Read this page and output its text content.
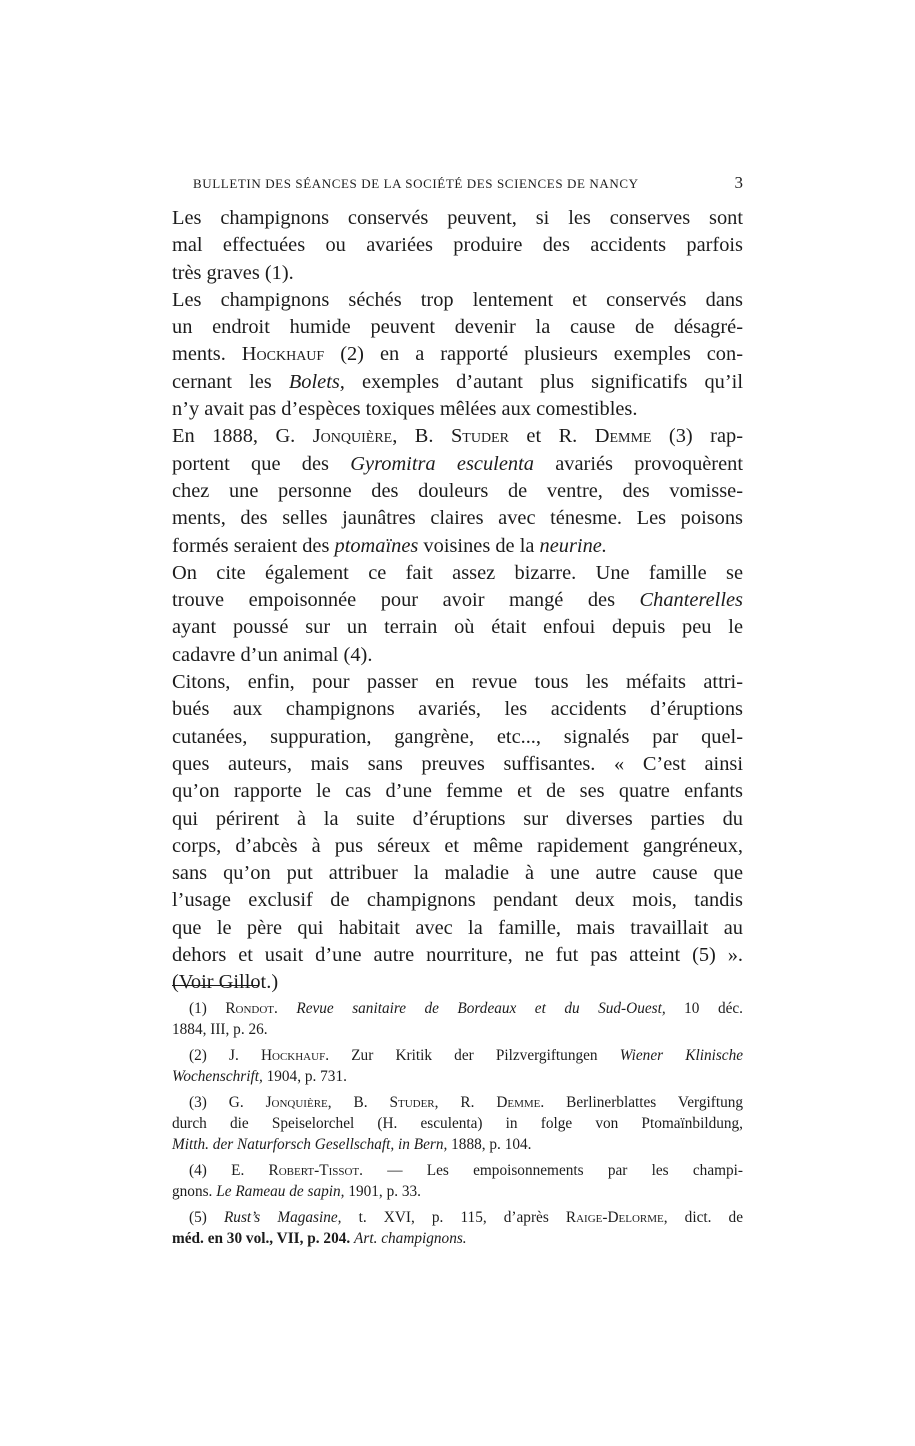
BULLETIN DES SÉANCES DE LA SOCIÉTÉ DES SCIENCES DE NANCY	3

Les champignons conservés peuvent, si les conserves sont
mal effectuées ou avariées produire des accidents parfois
très graves (1).

Les champignons séchés trop lentement et conservés dans
un endroit humide peuvent devenir la cause de désagré-
ments. Hockhauf (2) en a rapporté plusieurs exemples con-
cernant les Bolets, exemples d’autant plus significatifs qu’il
n’y avait pas d’espèces toxiques mêlées aux comestibles.

En 1888, G. Jonquière, B. Studer et R. Demme (3) rap-
portent que des Gyromitra esculenta avariés provoquèrent
chez une personne des douleurs de ventre, des vomisse-
ments, des selles jaunâtres claires avec ténesme. Les poisons
formés seraient des ptomaïnes voisines de la neurine.

On cite également ce fait assez bizarre. Une famille se
trouve empoisonnée pour avoir mangé des Chanterelles
ayant poussé sur un terrain où était enfoui depuis peu le
cadavre d’un animal (4).

Citons, enfin, pour passer en revue tous les méfaits attri-
bués aux champignons avariés, les accidents d’éruptions
cutanées, suppuration, gangrène, etc..., signalés par quel-
ques auteurs, mais sans preuves suffisantes. « C’est ainsi
qu’on rapporte le cas d’une femme et de ses quatre enfants
qui périrent à la suite d’éruptions sur diverses parties du
corps, d’abcès à pus séreux et même rapidement gangréneux,
sans qu’on put attribuer la maladie à une autre cause que
l’usage exclusif de champignons pendant deux mois, tandis
que le père qui habitait avec la famille, mais travaillait au
dehors et usait d’une autre nourriture, ne fut pas atteint (5) ».
(Voir Gillot.)

(1) Rondot. Revue sanitaire de Bordeaux et du Sud-Ouest, 10 déc.
1884, III, p. 26.

(2) J. Hockhauf. Zur Kritik der Pilzvergiftungen Wiener Klinische
Wochenschrift, 1904, p. 731.

(3) G. Jonquière, B. Studer, R. Demme. Berlinerblattes Vergiftung
durch die Speiselorchel (H. esculenta) in folge von Ptomaïnbildung,
Mitth. der Naturforsch Gesellschaft, in Bern, 1888, p. 104.

(4) E. Robert-Tissot. — Les empoisonnements par les champi-
gnons. Le Rameau de sapin, 1901, p. 33.

(5) Rust’s Magasine, t. XVI, p. 115, d’après Raige-Delorme, dict. de
méd. en 30 vol., VII, p. 204. Art. champignons.
